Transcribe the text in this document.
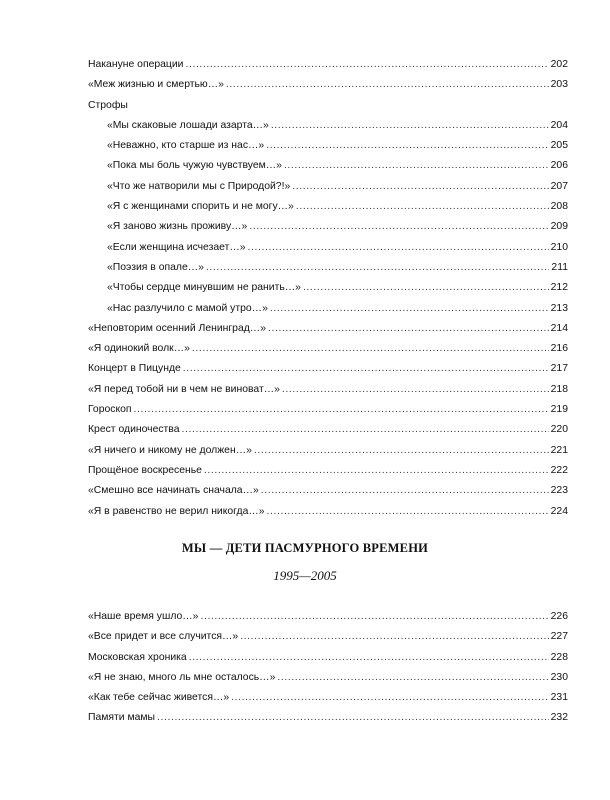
Накануне операции .....	202
«Меж жизнью и смертью…» .....	203
Строфы
«Мы скаковые лошади азарта…» .....	204
«Неважно, кто старше из нас…» .....	205
«Пока мы боль чужую чувствуем…» .....	206
«Что же натворили мы с Природой?!» .....	207
«Я с женщинами спорить и не могу…» .....	208
«Я заново жизнь проживу…» .....	209
«Если женщина исчезает…» .....	210
«Поэзия в опале…» .....	211
«Чтобы сердце минувшим не ранить…» .....	212
«Нас разлучило с мамой утро…» .....	213
«Неповторим осенний Ленинград…» .....	214
«Я одинокий волк…» .....	216
Концерт в Пицунде .....	217
«Я перед тобой ни в чем не виноват…» .....	218
Гороскоп .....	219
Крест одиночества .....	220
«Я ничего и никому не должен…» .....	221
Прощёное воскресенье .....	222
«Смешно все начинать сначала…» .....	223
«Я в равенство не верил никогда…» .....	224
МЫ — ДЕТИ ПАСМУРНОГО ВРЕМЕНИ
1995—2005
«Наше время ушло…» .....	226
«Все придет и все случится…» .....	227
Московская хроника .....	228
«Я не знаю, много ль мне осталось…» .....	230
«Как тебе сейчас живется…» .....	231
Памяти мамы .....	232
